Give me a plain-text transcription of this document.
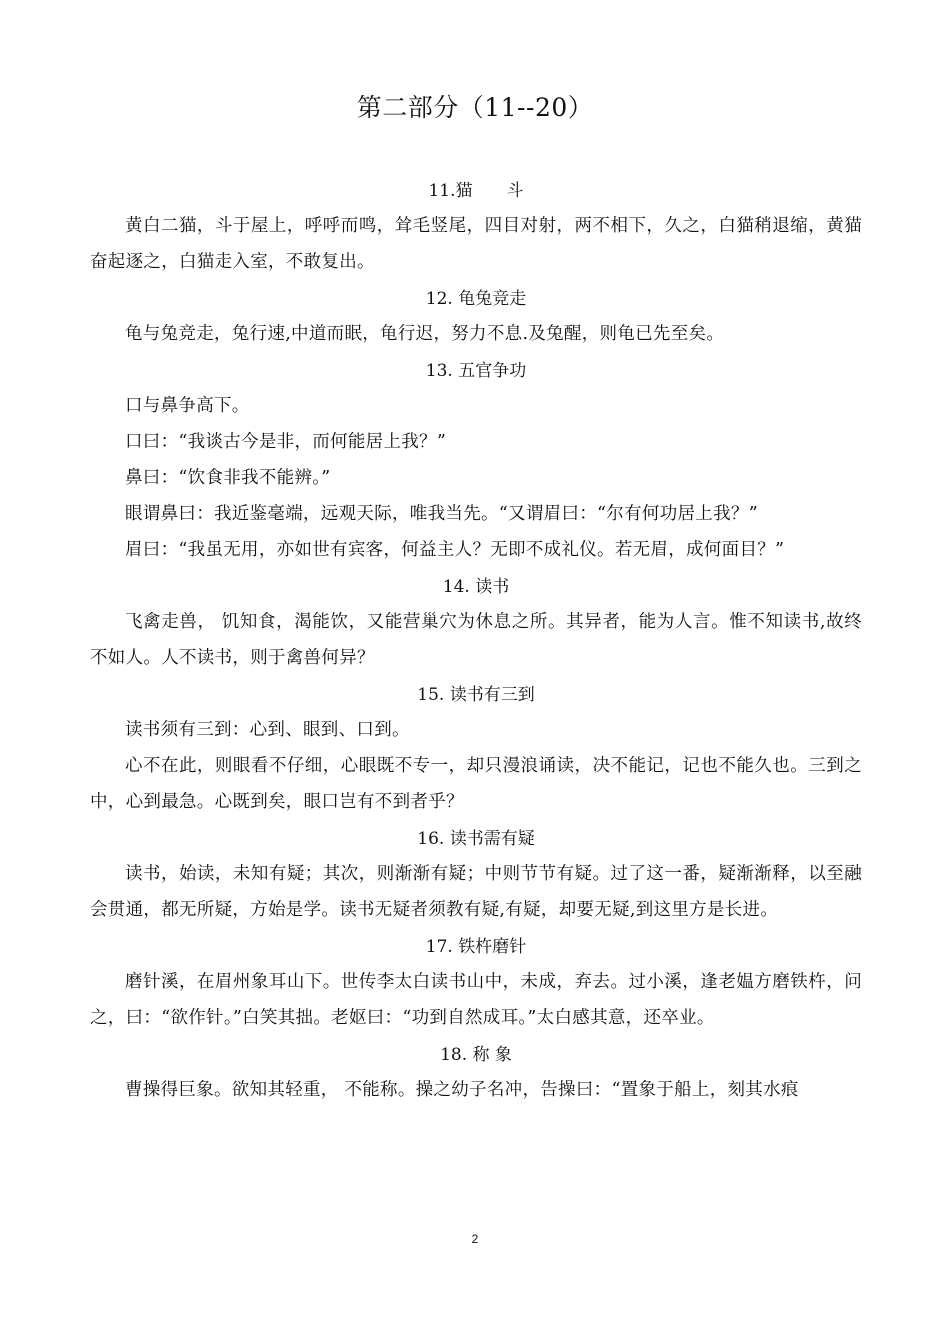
第二部分（11--20）

11.猫　　斗

黄白二猫，斗于屋上，呼呼而鸣，耸毛竖尾，四目对射，两不相下，久之，白猫稍退缩，黄猫奋起逐之，白猫走入室，不敢复出。

12. 龟兔竞走

龟与兔竞走，兔行速,中道而眠，龟行迟，努力不息.及兔醒，则龟已先至矣。

13. 五官争功

口与鼻争高下。

口曰：“我谈古今是非，而何能居上我？”

鼻曰：“饮食非我不能辨。”

眼谓鼻曰：我近鉴毫端，远观天际，唯我当先。“又谓眉曰：“尔有何功居上我？”

眉曰：“我虽无用，亦如世有宾客，何益主人？无即不成礼仪。若无眉，成何面目？”

14. 读书

飞禽走兽， 饥知食，渴能饮，又能营巢穴为休息之所。其异者，能为人言。惟不知读书,故终不如人。人不读书，则于禽兽何异？

15. 读书有三到

读书须有三到：心到、眼到、口到。

心不在此，则眼看不仔细，心眼既不专一，却只漫浪诵读，决不能记，记也不能久也。三到之中，心到最急。心既到矣，眼口岂有不到者乎？

16. 读书需有疑

读书，始读，未知有疑；其次，则渐渐有疑；中则节节有疑。过了这一番，疑渐渐释，以至融会贯通，都无所疑，方始是学。读书无疑者须教有疑,有疑，却要无疑,到这里方是长进。

17. 铁杵磨针

磨针溪，在眉州象耳山下。世传李太白读书山中，未成，弃去。过小溪，逢老媪方磨铁杵，问之，曰：“欲作针。”白笑其拙。老妪曰：“功到自然成耳。”太白感其意，还卒业。

18. 称 象

曹操得巨象。欲知其轻重， 不能称。操之幼子名冲，告操曰：“置象于船上，刻其水痕

2
